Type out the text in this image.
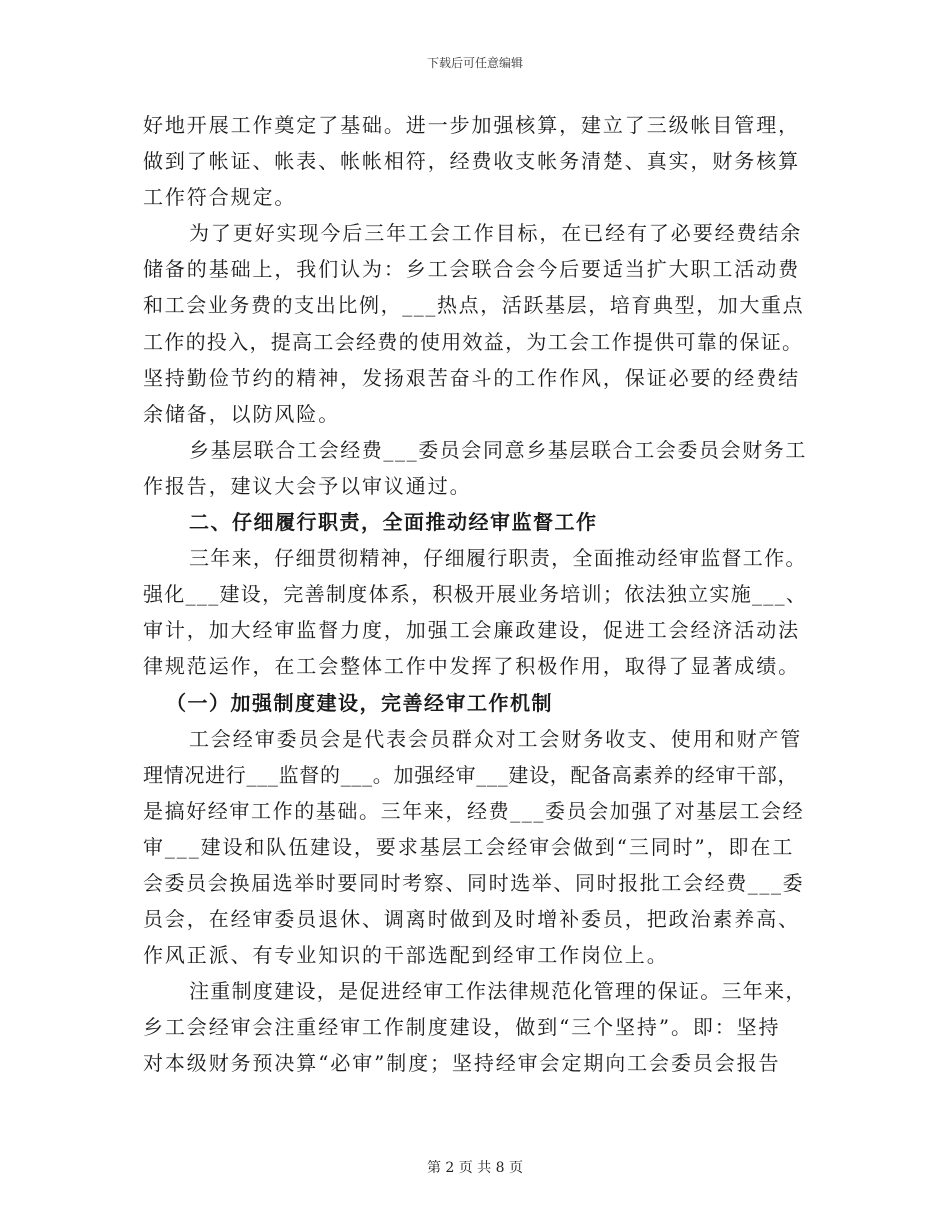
下载后可任意编辑
好地开展工作奠定了基础。进一步加强核算，建立了三级帐目管理，
做到了帐证、帐表、帐帐相符，经费收支帐务清楚、真实，财务核算
工作符合规定。
为了更好实现今后三年工会工作目标，在已经有了必要经费结余
储备的基础上，我们认为：乡工会联合会今后要适当扩大职工活动费
和工会业务费的支出比例，___热点，活跃基层，培育典型，加大重点
工作的投入，提高工会经费的使用效益，为工会工作提供可靠的保证。
坚持勤俭节约的精神，发扬艰苦奋斗的工作作风，保证必要的经费结
余储备，以防风险。
乡基层联合工会经费___委员会同意乡基层联合工会委员会财务工
作报告，建议大会予以审议通过。
二、仔细履行职责，全面推动经审监督工作
三年来，仔细贯彻精神，仔细履行职责，全面推动经审监督工作。
强化___建设，完善制度体系，积极开展业务培训；依法独立实施___、
审计，加大经审监督力度，加强工会廉政建设，促进工会经济活动法
律规范运作，在工会整体工作中发挥了积极作用，取得了显著成绩。
（一）加强制度建设，完善经审工作机制
工会经审委员会是代表会员群众对工会财务收支、使用和财产管
理情况进行___监督的___。加强经审___建设，配备高素养的经审干部，
是搞好经审工作的基础。三年来，经费___委员会加强了对基层工会经
审___建设和队伍建设，要求基层工会经审会做到“三同时”，即在工
会委员会换届选举时要同时考察、同时选举、同时报批工会经费___委
员会，在经审委员退休、调离时做到及时增补委员，把政治素养高、
作风正派、有专业知识的干部选配到经审工作岗位上。
注重制度建设，是促进经审工作法律规范化管理的保证。三年来，
乡工会经审会注重经审工作制度建设，做到“三个坚持”。即：坚持
对本级财务预决算“必审”制度；坚持经审会定期向工会委员会报告
第 2 页 共 8 页
